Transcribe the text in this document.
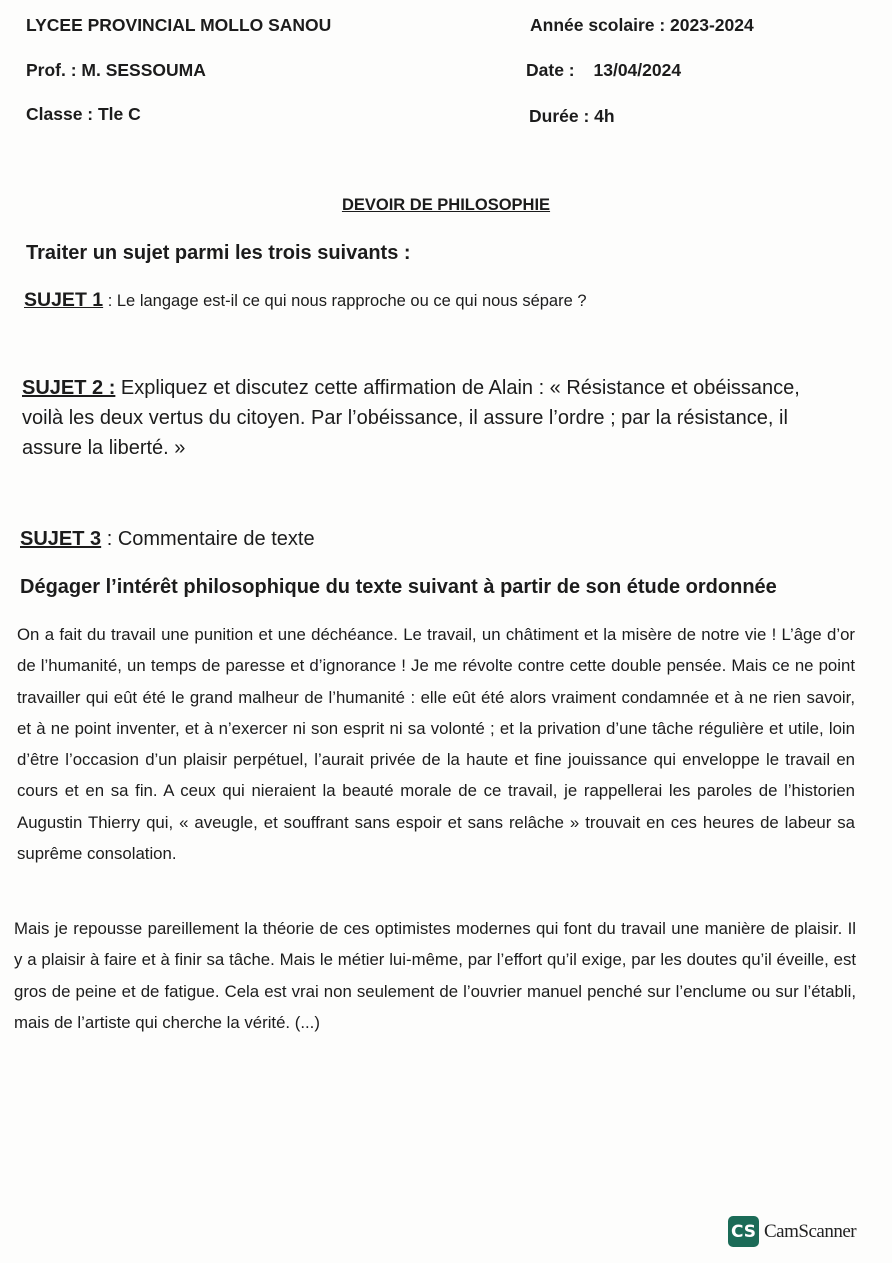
LYCEE PROVINCIAL MOLLO SANOU	Année scolaire : 2023-2024
Prof. : M. SESSOUMA	Date : 13/04/2024
Classe : Tle C	Durée : 4h
DEVOIR DE PHILOSOPHIE
Traiter un sujet parmi les trois suivants :
SUJET 1 : Le langage est-il ce qui nous rapproche ou ce qui nous sépare ?
SUJET 2 : Expliquez et discutez cette affirmation de Alain : « Résistance et obéissance, voilà les deux vertus du citoyen. Par l’obéissance, il assure l’ordre ; par la résistance, il assure la liberté. »
SUJET 3 : Commentaire de texte
Dégager l’intérêt philosophique du texte suivant à partir de son étude ordonnée
On a fait du travail une punition et une déchéance. Le travail, un châtiment et la misère de notre vie ! L’âge d’or de l’humanité, un temps de paresse et d’ignorance ! Je me révolte contre cette double pensée. Mais ce ne point travailler qui eût été le grand malheur de l’humanité : elle eût été alors vraiment condamnée et à ne rien savoir, et à ne point inventer, et à n’exercer ni son esprit ni sa volonté ; et la privation d’une tâche régulière et utile, loin d’être l’occasion d’un plaisir perpétuel, l’aurait privée de la haute et fine jouissance qui enveloppe le travail en cours et en sa fin. A ceux qui nieraient la beauté morale de ce travail, je rappellerai les paroles de l’historien Augustin Thierry qui, « aveugle, et souffrant sans espoir et sans relâche » trouvait en ces heures de labeur sa suprême consolation.
Mais je repousse pareillement la théorie de ces optimistes modernes qui font du travail une manière de plaisir. Il y a plaisir à faire et à finir sa tâche. Mais le métier lui-même, par l’effort qu’il exige, par les doutes qu’il éveille, est gros de peine et de fatigue. Cela est vrai non seulement de l’ouvrier manuel penché sur l’enclume ou sur l’établi, mais de l’artiste qui cherche la vérité. (...)
CS CamScanner
